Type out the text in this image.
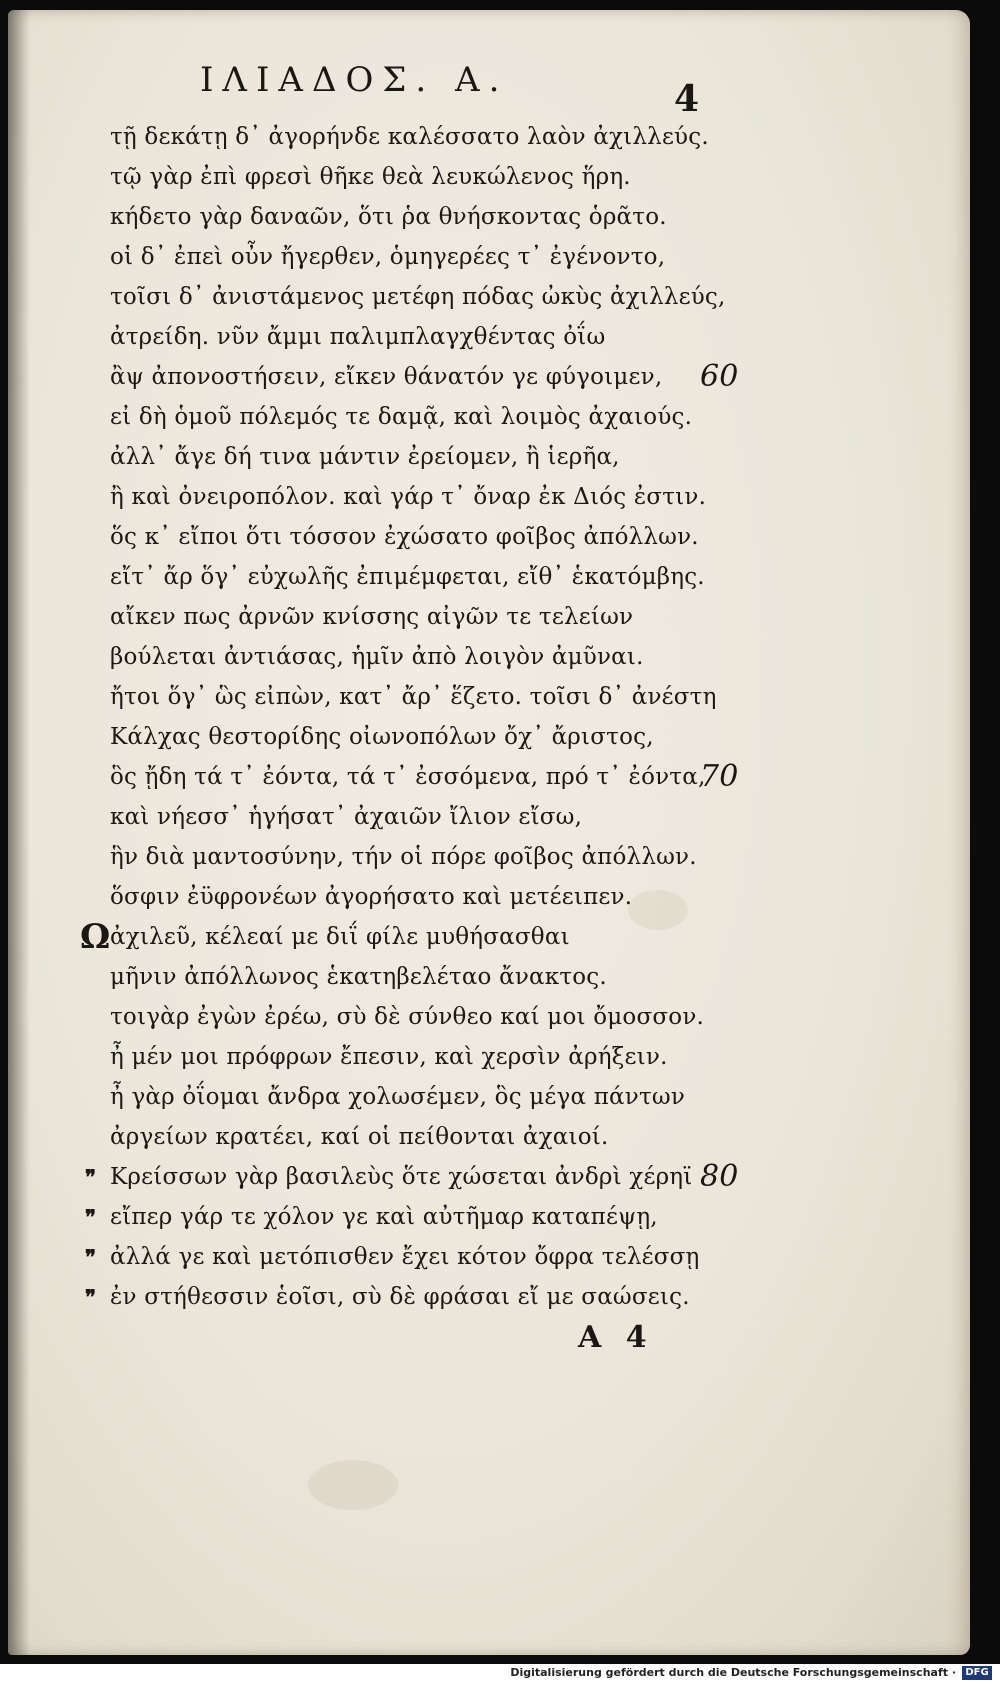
ΙΛΙΑΔΟΣ. Α.	4
τῇ δεκάτῃ δ᾽ ἀγορήνδε καλέσσατο λαὸν ἀχιλλεύς.
τῷ γὰρ ἐπὶ φρεσὶ θῆκε θεὰ λευκώλενος ἥρη.
κήδετο γὰρ δαναῶν, ὅτι ῥα θνήσκοντας ὁρᾶτο.
οἱ δ᾽ ἐπεὶ οὖν ἤγερθεν, ὁμηγερέες τ᾽ ἐγένοντο,
τοῖσι δ᾽ ἀνιστάμενος μετέφη πόδας ὠκὺς ἀχιλλεύς,
ἀτρείδη. νῦν ἄμμι παλιμπλαγχθέντας ὀΐω
ἂψ ἀπονοστήσειν, εἴκεν θάνατόν γε φύγοιμεν, 60
εἰ δὴ ὁμοῦ πόλεμός τε δαμᾷ, καὶ λοιμὸς ἀχαιούς.
ἀλλ᾽ ἄγε δή τινα μάντιν ἐρείομεν, ἢ ἱερῆα,
ἢ καὶ ὀνειροπόλον. καὶ γάρ τ᾽ ὄναρ ἐκ Διός ἐστιν.
ὅς κ᾽ εἴποι ὅτι τόσσον ἐχώσατο φοῖβος ἀπόλλων.
εἴτ᾽ ἄρ ὅγ᾽ εὐχωλῆς ἐπιμέμφεται, εἴθ᾽ ἑκατόμβης.
αἴκεν πως ἀρνῶν κνίσσης αἰγῶν τε τελείων
βούλεται ἀντιάσας, ἡμῖν ἀπὸ λοιγὸν ἀμῦναι.
ἤτοι ὅγ᾽ ὣς εἰπὼν, κατ᾽ ἄρ᾽ ἕζετο. τοῖσι δ᾽ ἀνέστη
Κάλχας θεστορίδης οἰωνοπόλων ὄχ᾽ ἄριστος,
ὃς ᾔδη τά τ᾽ ἐόντα, τά τ᾽ ἐσσόμενα, πρό τ᾽ ἐόντα,
70
καὶ νήεσσ᾽ ἡγήσατ᾽ ἀχαιῶν ἴλιον εἴσω,
ἣν διὰ μαντοσύνην, τήν οἱ πόρε φοῖβος ἀπόλλων.
ὅσφιν ἐϋφρονέων ἀγορήσατο καὶ μετέειπεν.
Ω ἀχιλεῦ, κέλεαί με διΐ φίλε μυθήσασθαι
μῆνιν ἀπόλλωνος ἑκατηβελέταο ἄνακτος.
τοιγὰρ ἐγὼν ἐρέω, σὺ δὲ σύνθεο καί μοι ὄμοσσον.
ἦ μέν μοι πρόφρων ἔπεσιν, καὶ χερσὶν ἀρήξειν.
ἦ γὰρ ὀΐομαι ἄνδρα χολωσέμεν, ὃς μέγα πάντων
ἀργείων κρατέει, καί οἱ πείθονται ἀχαιοί.
❜❜ Κρείσσων γὰρ βασιλεὺς ὅτε χώσεται ἀνδρὶ χέρηϊ 80
❜❜ εἴπερ γάρ τε χόλον γε καὶ αὐτῆμαρ καταπέψῃ,
❜❜ ἀλλά γε καὶ μετόπισθεν ἔχει κότον ὄφρα τελέσσῃ
❜❜ ἐν στήθεσσιν ἑοῖσι, σὺ δὲ φράσαι εἴ με σαώσεις.
A 4
Digitalisierung gefördert durch die Deutsche Forschungsgemeinschaft · DFG
